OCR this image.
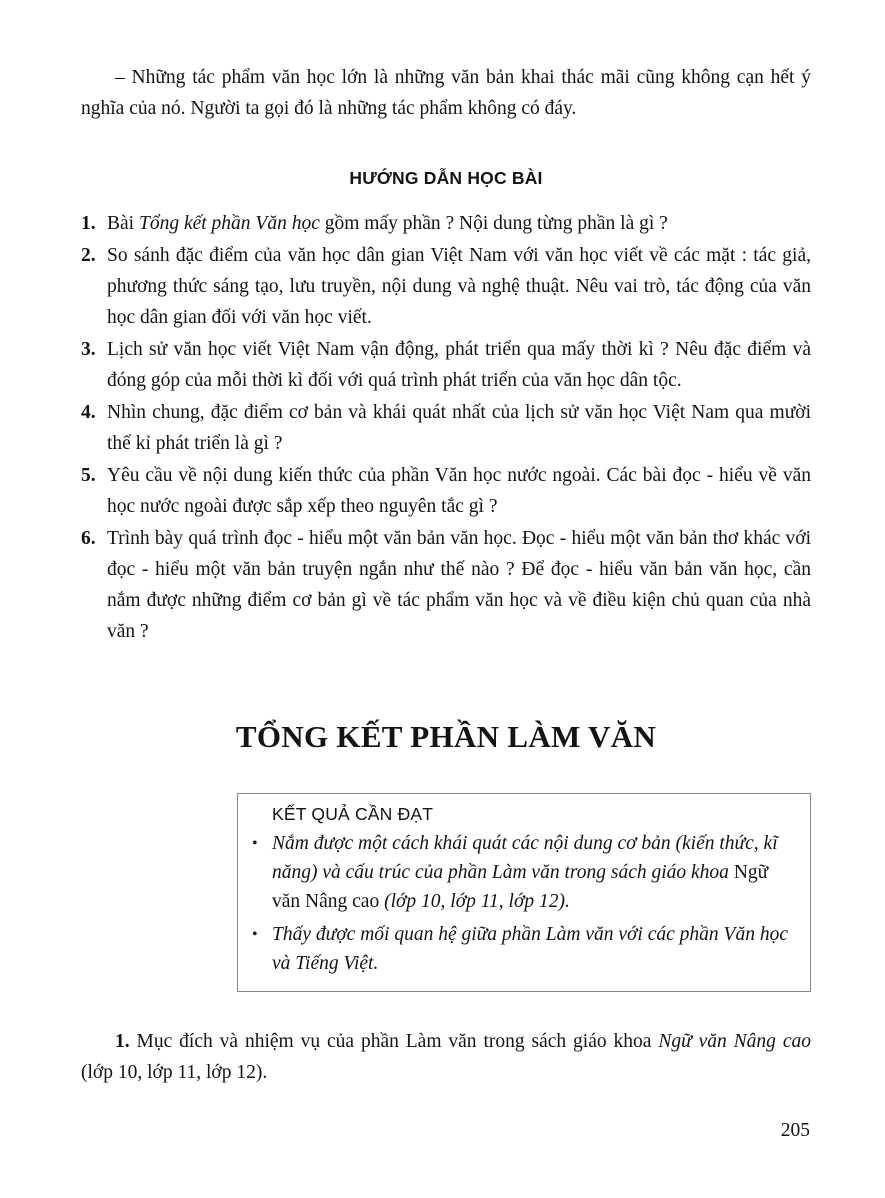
– Những tác phẩm văn học lớn là những văn bản khai thác mãi cũng không cạn hết ý nghĩa của nó. Người ta gọi đó là những tác phẩm không có đáy.

HƯỚNG DẪN HỌC BÀI
1. Bài Tổng kết phần Văn học gồm mấy phần ? Nội dung từng phần là gì ?
2. So sánh đặc điểm của văn học dân gian Việt Nam với văn học viết về các mặt : tác giả, phương thức sáng tạo, lưu truyền, nội dung và nghệ thuật. Nêu vai trò, tác động của văn học dân gian đối với văn học viết.
3. Lịch sử văn học viết Việt Nam vận động, phát triển qua mấy thời kì ? Nêu đặc điểm và đóng góp của mỗi thời kì đối với quá trình phát triển của văn học dân tộc.
4. Nhìn chung, đặc điểm cơ bản và khái quát nhất của lịch sử văn học Việt Nam qua mười thế kỉ phát triển là gì ?
5. Yêu cầu về nội dung kiến thức của phần Văn học nước ngoài. Các bài đọc - hiểu về văn học nước ngoài được sắp xếp theo nguyên tắc gì ?
6. Trình bày quá trình đọc - hiểu một văn bản văn học. Đọc - hiểu một văn bản thơ khác với đọc - hiểu một văn bản truyện ngắn như thế nào ? Để đọc - hiểu văn bản văn học, cần nắm được những điểm cơ bản gì về tác phẩm văn học và về điều kiện chủ quan của nhà văn ?
TỔNG KẾT PHẦN LÀM VĂN
KẾT QUẢ CẦN ĐẠT
•
Nắm được một cách khái quát các nội dung cơ bản (kiến thức, kĩ năng) và cấu trúc của phần Làm văn trong sách giáo khoa Ngữ văn Nâng cao (lớp 10, lớp 11, lớp 12).
•
Thấy được mối quan hệ giữa phần Làm văn với các phần Văn học và Tiếng Việt.

1. Mục đích và nhiệm vụ của phần Làm văn trong sách giáo khoa Ngữ văn Nâng cao (lớp 10, lớp 11, lớp 12).

205
